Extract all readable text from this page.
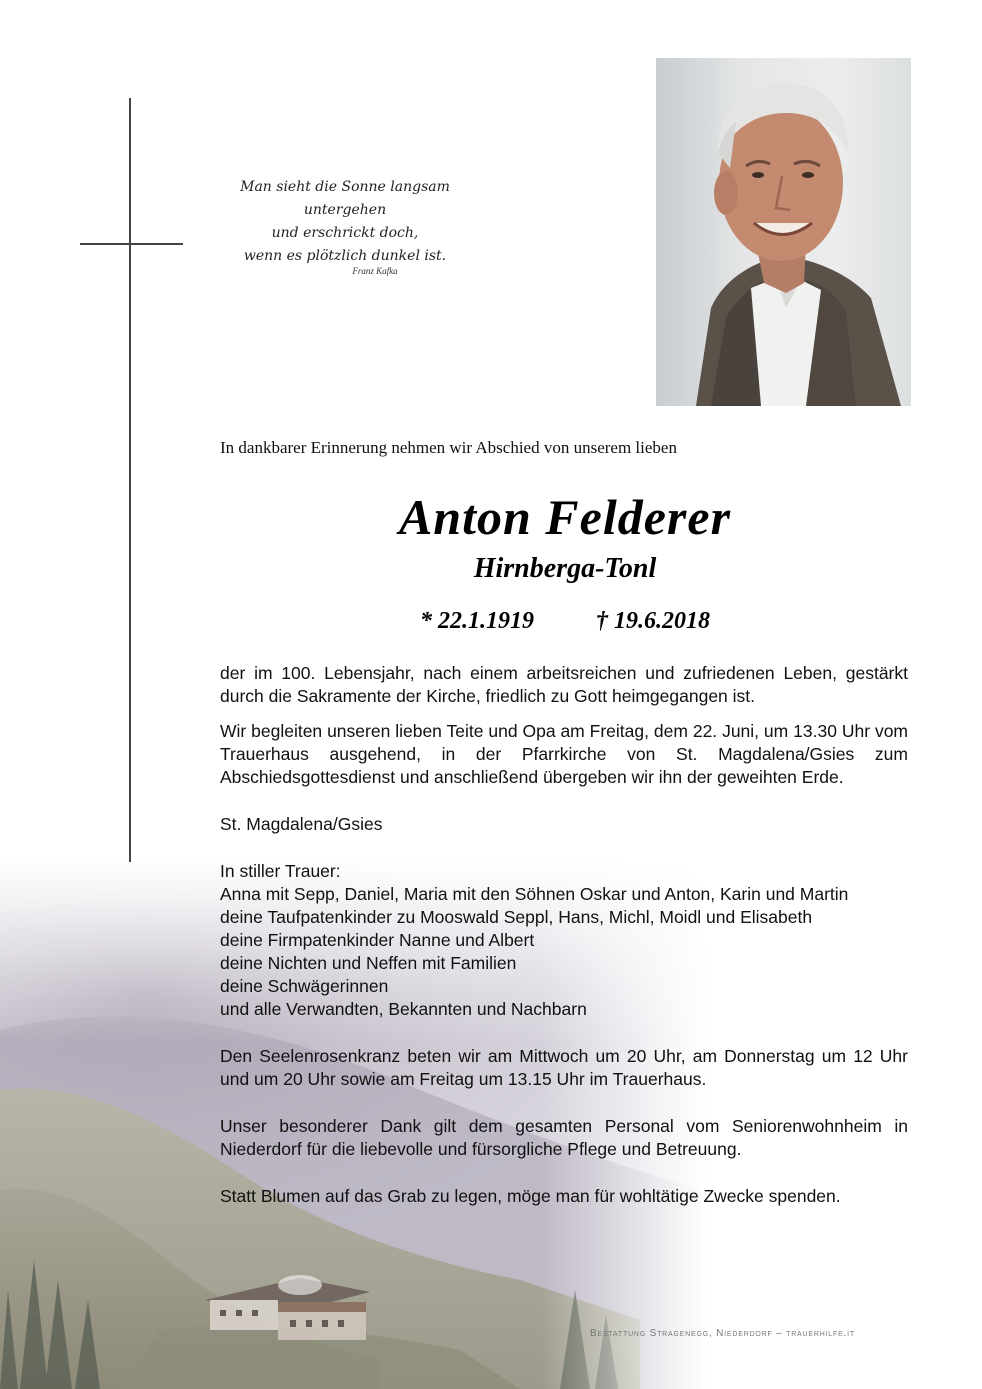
Man sieht die Sonne langsam untergehen
und erschrickt doch,
wenn es plötzlich dunkel ist.
Franz Kafka
In dankbarer Erinnerung nehmen wir Abschied von unserem lieben
Anton Felderer
Hirnberga-Tonl
* 22.1.1919	† 19.6.2018

der im 100. Lebensjahr, nach einem arbeitsreichen und zufriedenen Leben, gestärkt durch die Sakramente der Kirche, friedlich zu Gott heimgegangen ist.

Wir begleiten unseren lieben Teite und Opa am Freitag, dem 22. Juni, um 13.30 Uhr vom Trauerhaus ausgehend, in der Pfarrkirche von St. Magdalena/Gsies zum Abschiedsgottesdienst und anschließend übergeben wir ihn der geweihten Erde.

St. Magdalena/Gsies

In stiller Trauer:
Anna mit Sepp, Daniel, Maria mit den Söhnen Oskar und Anton, Karin und Martin
deine Taufpatenkinder zu Mooswald Seppl, Hans, Michl, Moidl und Elisabeth
deine Firmpatenkinder Nanne und Albert
deine Nichten und Neffen mit Familien
deine Schwägerinnen
und alle Verwandten, Bekannten und Nachbarn

Den Seelenrosenkranz beten wir am Mittwoch um 20 Uhr, am Donnerstag um 12 Uhr und um 20 Uhr sowie am Freitag um 13.15 Uhr im Trauerhaus.

Unser besonderer Dank gilt dem gesamten Personal vom Seniorenwohnheim in Niederdorf für die liebevolle und fürsorgliche Pflege und Betreuung.

Statt Blumen auf das Grab zu legen, möge man für wohltätige Zwecke spenden.

Bestattung Stragenegg, Niederdorf – trauerhilfe.it
